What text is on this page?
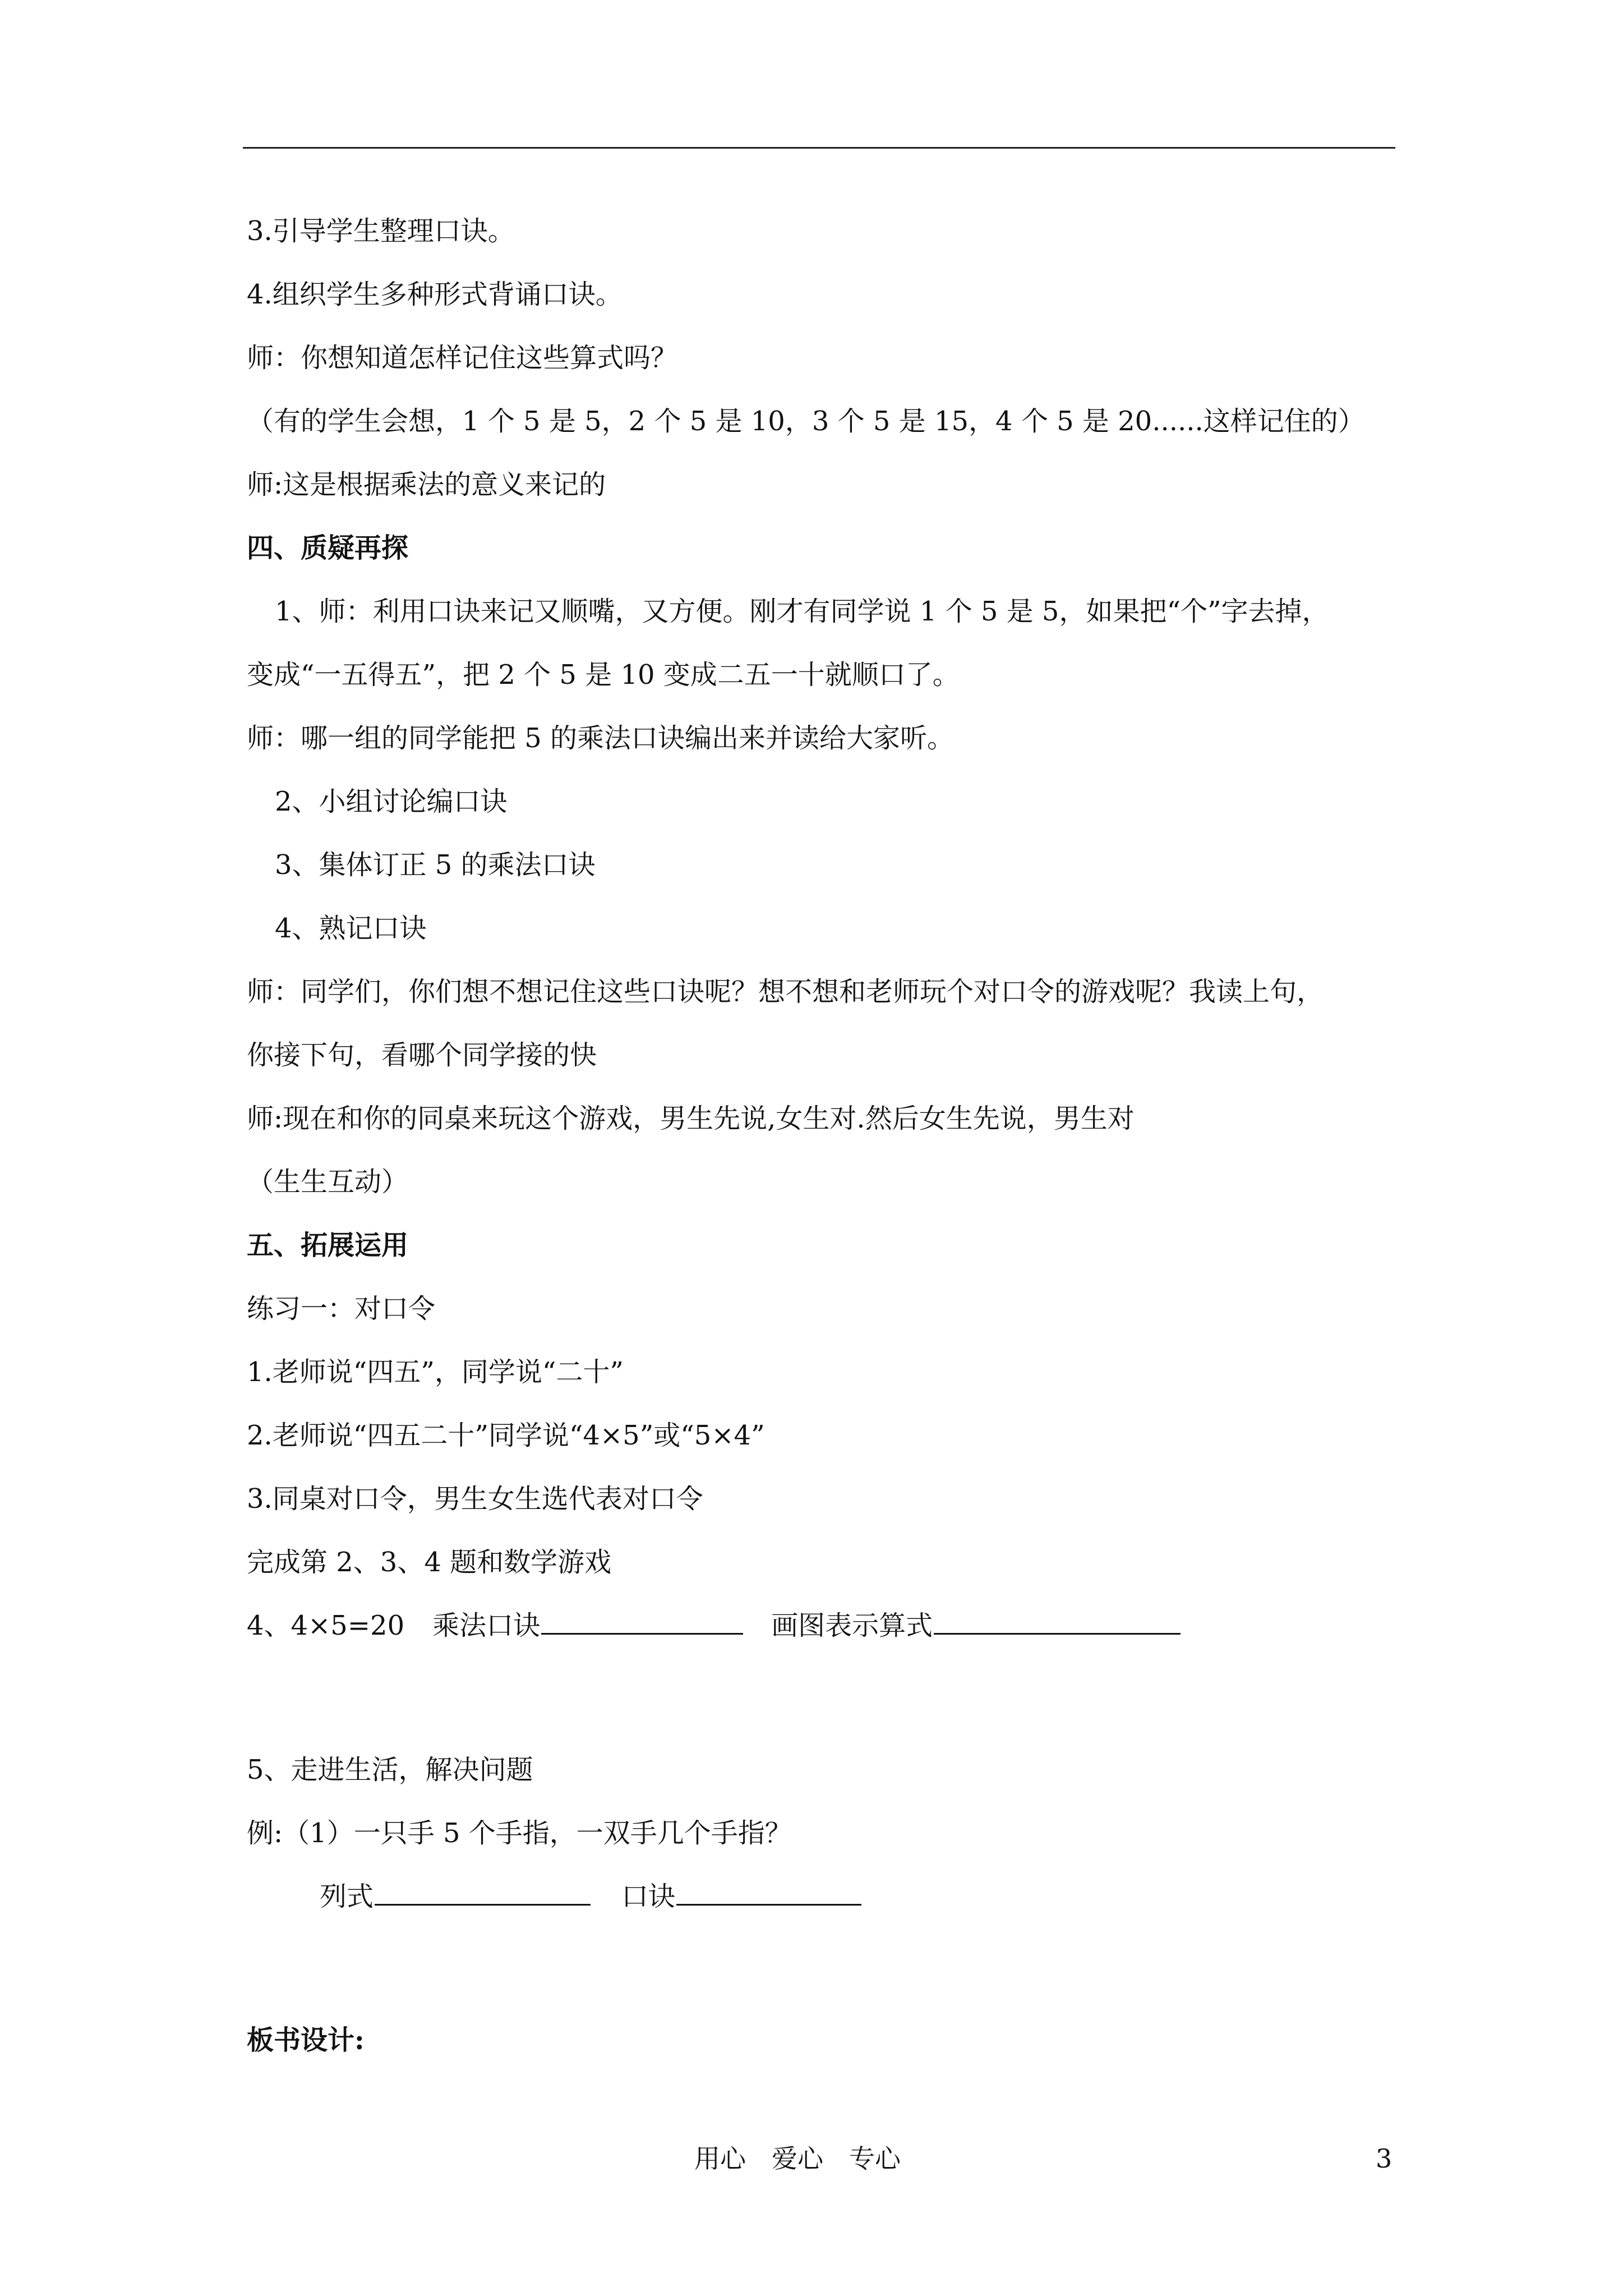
3.引导学生整理口诀。

4.组织学生多种形式背诵口诀。

师：你想知道怎样记住这些算式吗？

（有的学生会想，1 个 5 是 5，2 个 5 是 10，3 个 5 是 15，4 个 5 是 20......这样记住的）

师:这是根据乘法的意义来记的

四、质疑再探

1、师：利用口诀来记又顺嘴，又方便。刚才有同学说 1 个 5 是 5，如果把“个”字去掉，

变成“一五得五”，把 2 个 5 是 10 变成二五一十就顺口了。

师：哪一组的同学能把 5 的乘法口诀编出来并读给大家听。

2、小组讨论编口诀

3、集体订正 5 的乘法口诀

4、熟记口诀

师：同学们，你们想不想记住这些口诀呢？想不想和老师玩个对口令的游戏呢？我读上句，

你接下句，看哪个同学接的快

师:现在和你的同桌来玩这个游戏，男生先说,女生对.然后女生先说，男生对

（生生互动）

五、拓展运用

练习一：对口令

1.老师说“四五”，同学说“二十”

2.老师说“四五二十”同学说“4×5”或“5×4”

3.同桌对口令，男生女生选代表对口令

完成第 2、3、4 题和数学游戏

4、4×5=20 乘法口诀	画图表示算式

5、走进生活，解决问题

例:（1）一只手 5 个手指，一双手几个手指？

列式	口诀

板书设计:

用心　爱心　专心	3
